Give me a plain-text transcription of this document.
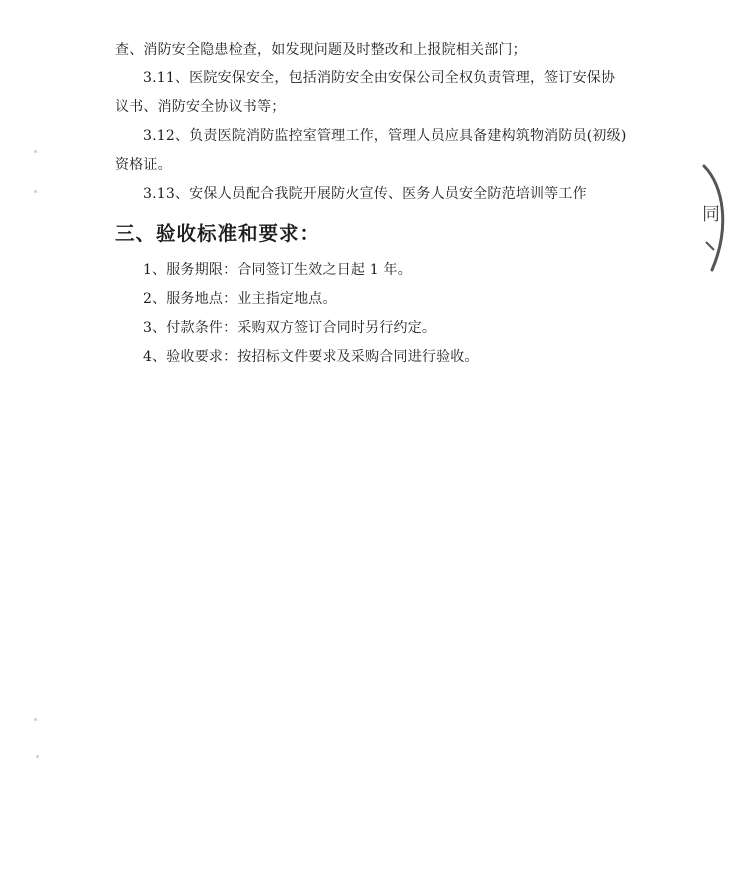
查、消防安全隐患检查，如发现问题及时整改和上报院相关部门；
3.11、医院安保安全，包括消防安全由安保公司全权负责管理，签订安保协
议书、消防安全协议书等；
3.12、负责医院消防监控室管理工作，管理人员应具备建构筑物消防员(初级)
资格证。
3.13、安保人员配合我院开展防火宣传、医务人员安全防范培训等工作
三、验收标准和要求：
1、服务期限：合同签订生效之日起 1 年。
2、服务地点：业主指定地点。
3、付款条件：采购双方签订合同时另行约定。
4、验收要求：按招标文件要求及采购合同进行验收。
同
